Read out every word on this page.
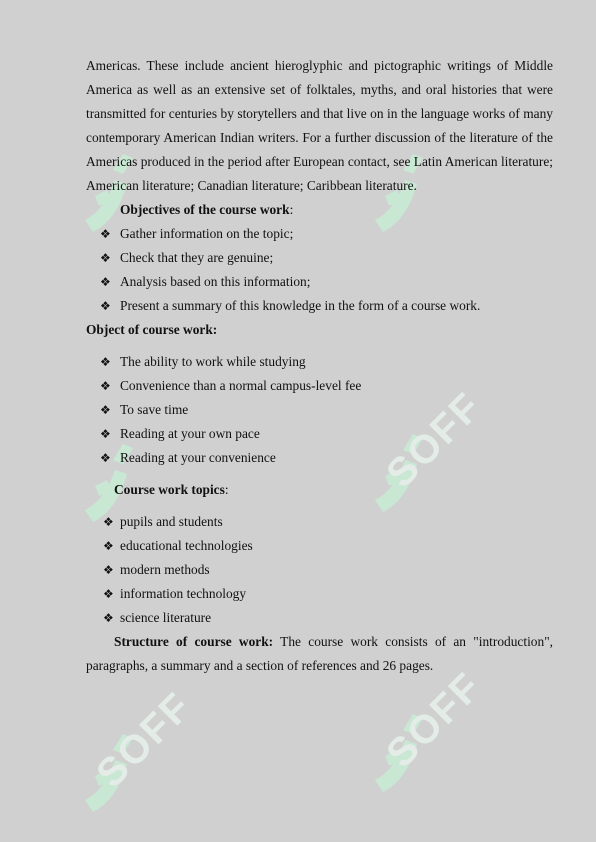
SOFF
SOFF	SOFF

Americas. These include ancient hieroglyphic and pictographic writings of Middle America as well as an extensive set of folktales, myths, and oral histories that were transmitted for centuries by storytellers and that live on in the language works of many contemporary American Indian writers. For a further discussion of the literature of the Americas produced in the period after European contact, see Latin American literature; American literature; Canadian literature; Caribbean literature.

Objectives of the course work:

❖ Gather information on the topic;
❖ Check that they are genuine;
❖ Analysis based on this information;
❖ Present a summary of this knowledge in the form of a course work.

Object of course work:

❖ The ability to work while studying
❖ Convenience than a normal campus-level fee
❖ To save time
❖ Reading at your own pace
❖ Reading at your convenience

Course work topics:

❖ pupils and students
❖ educational technologies
❖ modern methods
❖ information technology
❖ science literature

Structure of course work: The course work consists of an "introduction", paragraphs, a summary and a section of references and 26 pages.
